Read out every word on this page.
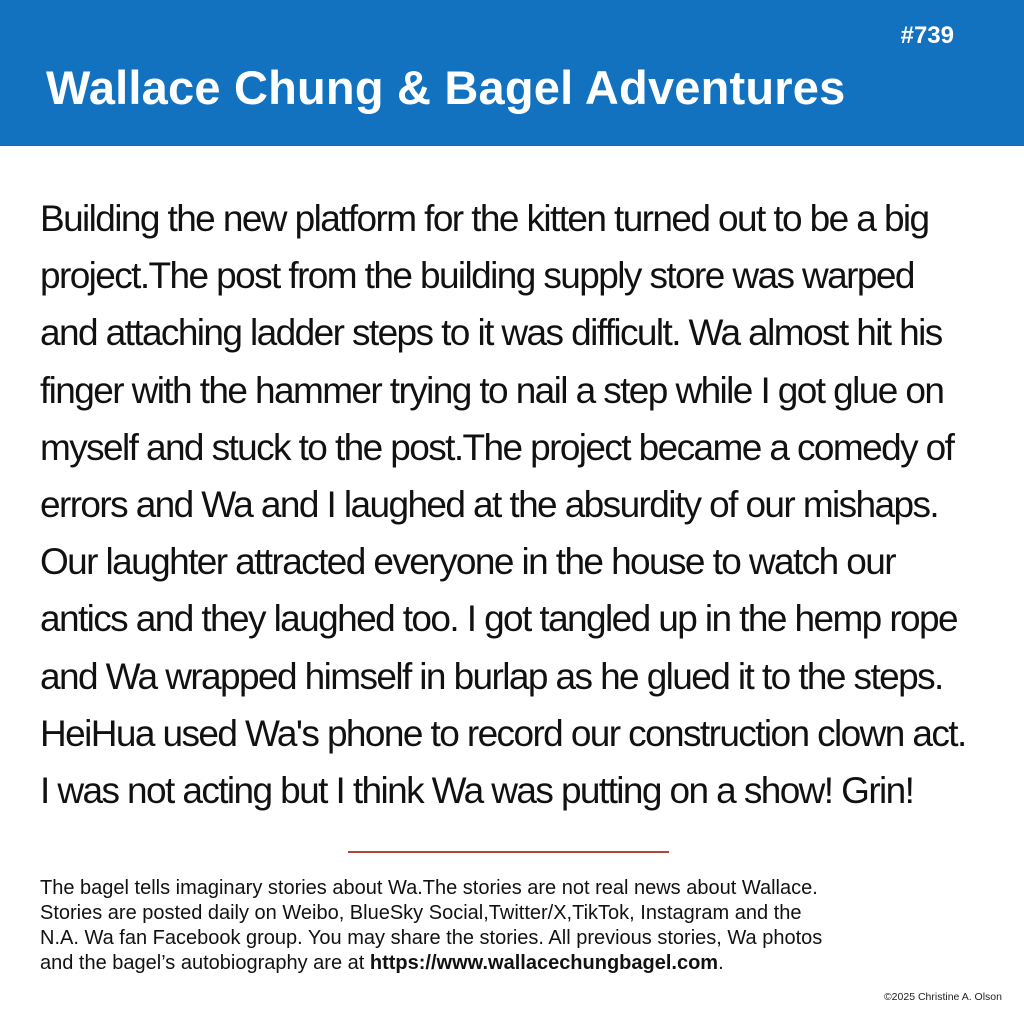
#739
Wallace Chung & Bagel Adventures
Building the new platform for the kitten turned out to be a big
project.The post from the building supply store was warped
and attaching ladder steps to it was difficult. Wa almost hit his
finger with the hammer trying to nail a step while I got glue on
myself and stuck to the post.The project became a comedy of
errors and Wa and I laughed at the absurdity of our mishaps.
Our laughter attracted everyone in the house to watch our
antics and they laughed too. I got tangled up in the hemp rope
and Wa wrapped himself in burlap as he glued it to the steps.
HeiHua used Wa's phone to record our construction clown act.
I was not acting but I think Wa was putting on a show! Grin!
The bagel tells imaginary stories about Wa.The stories are not real news about Wallace.
Stories are posted daily on Weibo, BlueSky Social,Twitter/X,TikTok, Instagram and the
N.A. Wa fan Facebook group. You may share the stories. All previous stories, Wa photos
and the bagel’s autobiography are at https://www.wallacechungbagel.com.
©2025 Christine A. Olson
